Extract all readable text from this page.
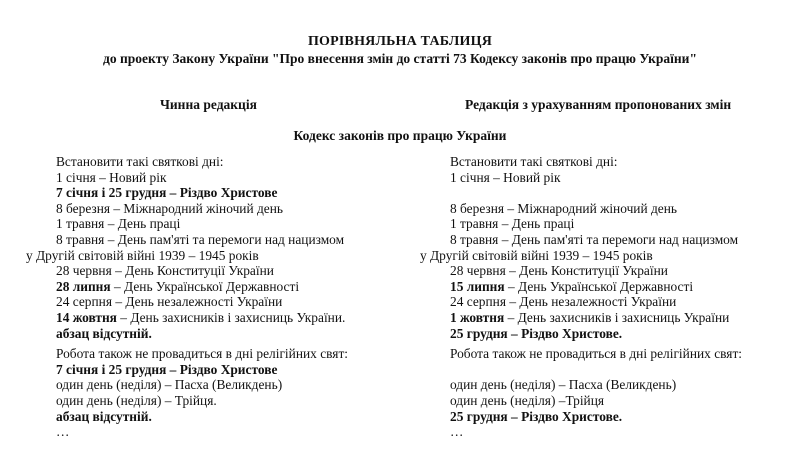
ПОРІВНЯЛЬНА ТАБЛИЦЯ
до проекту Закону України "Про внесення змін до статті 73 Кодексу законів про працю України"
Чинна редакція	Редакція з урахуванням пропонованих змін
Кодекс законів про працю України
Встановити такі святкові дні:
1 січня – Новий рік
7 січня і 25 грудня – Різдво Христове
8 березня – Міжнародний жіночий день
1 травня – День праці
8 травня – День пам'яті та перемоги над нацизмом
у Другій світовій війні 1939 – 1945 років
28 червня – День Конституції України
28 липня – День Української Державності
24 серпня – День незалежності України
14 жовтня – День захисників і захисниць України.
абзац відсутній.
Робота також не провадиться в дні релігійних свят:
7 січня і 25 грудня – Різдво Христове
один день (неділя) – Пасха (Великдень)
один день (неділя) – Трійця.
абзац відсутній.
…
Встановити такі святкові дні:
1 січня – Новий рік
8 березня – Міжнародний жіночий день
1 травня – День праці
8 травня – День пам'яті та перемоги над нацизмом
у Другій світовій війні 1939 – 1945 років
28 червня – День Конституції України
15 липня – День Української Державності
24 серпня – День незалежності України
1 жовтня – День захисників і захисниць України
25 грудня – Різдво Христове.
Робота також не провадиться в дні релігійних свят:
один день (неділя) – Пасха (Великдень)
один день (неділя) –Трійця
25 грудня – Різдво Христове.
…
